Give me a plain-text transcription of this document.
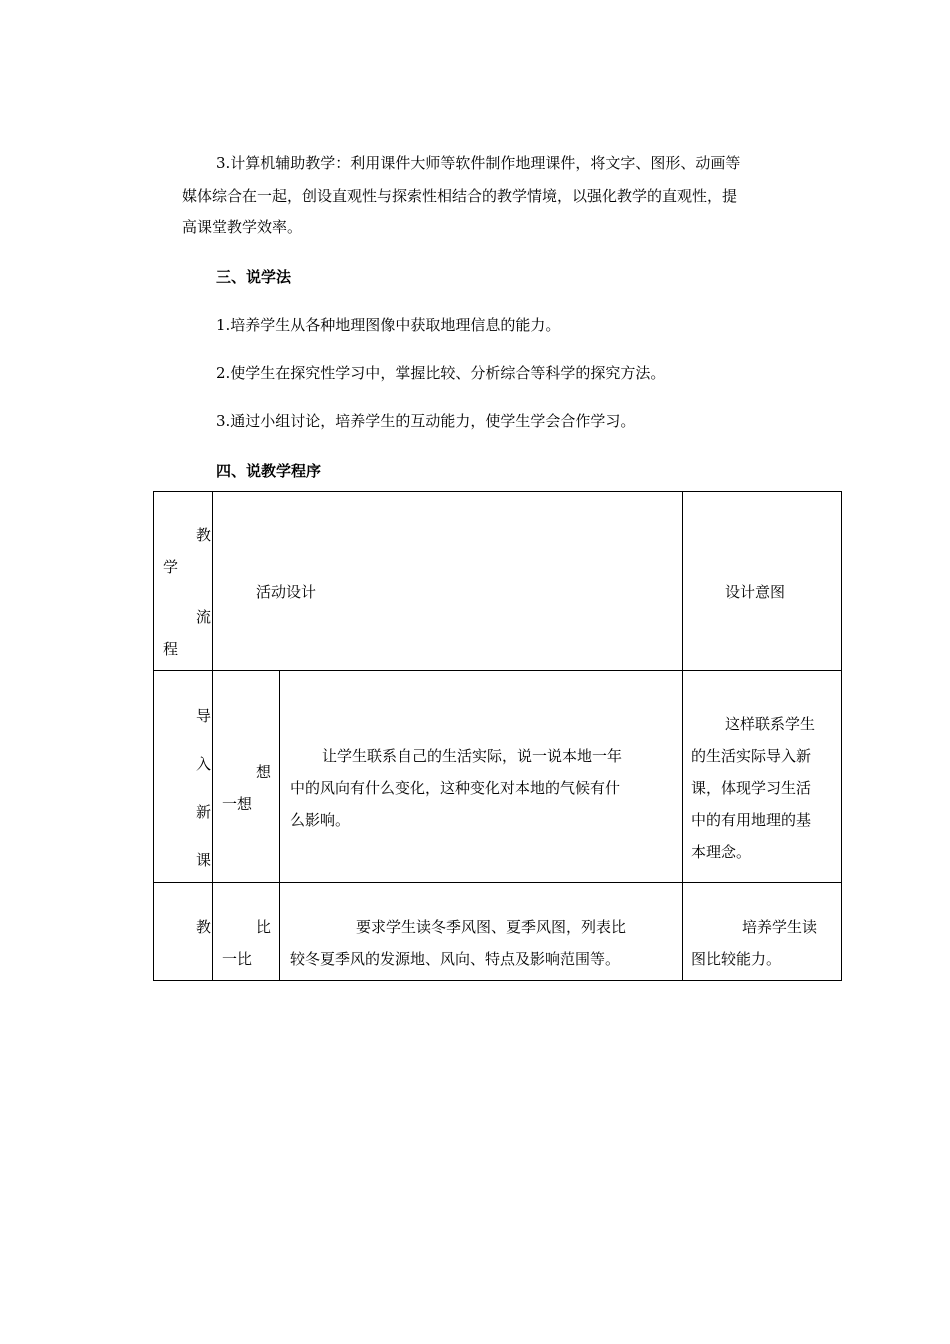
3.计算机辅助教学：利用课件大师等软件制作地理课件，将文字、图形、动画等
媒体综合在一起，创设直观性与探索性相结合的教学情境，以强化教学的直观性，提
高课堂教学效率。
三、说学法
1.培养学生从各种地理图像中获取地理信息的能力。
2.使学生在探究性学习中，掌握比较、分析综合等科学的探究方法。
3.通过小组讨论，培养学生的互动能力，使学生学会合作学习。
四、说教学程序
教
学
流
程
活动设计	设计意图
导
入
新
课
想
一想
让学生联系自己的生活实际，说一说本地一年
中的风向有什么变化，这种变化对本地的气候有什
么影响。
这样联系学生
的生活实际导入新
课，体现学习生活
中的有用地理的基
本理念。
教	比
一比
要求学生读冬季风图、夏季风图，列表比
较冬夏季风的发源地、风向、特点及影响范围等。
培养学生读
图比较能力。
